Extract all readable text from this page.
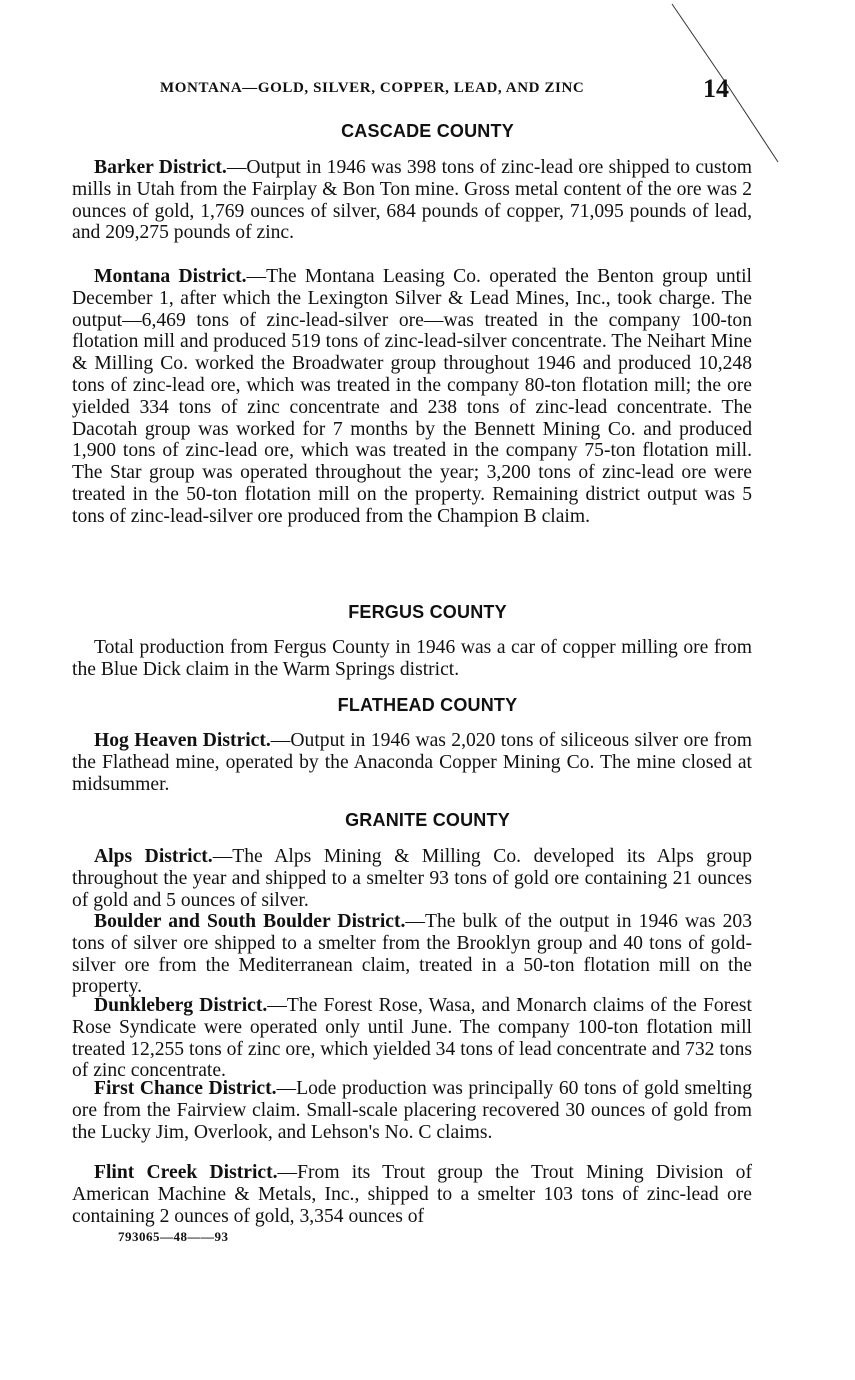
MONTANA—GOLD, SILVER, COPPER, LEAD, AND ZINC	14
CASCADE COUNTY

Barker District.—Output in 1946 was 398 tons of zinc-lead ore shipped to custom mills in Utah from the Fairplay & Bon Ton mine. Gross metal content of the ore was 2 ounces of gold, 1,769 ounces of silver, 684 pounds of copper, 71,095 pounds of lead, and 209,275 pounds of zinc.

Montana District.—The Montana Leasing Co. operated the Benton group until December 1, after which the Lexington Silver & Lead Mines, Inc., took charge. The output—6,469 tons of zinc-lead-silver ore—was treated in the company 100-ton flotation mill and produced 519 tons of zinc-lead-silver concentrate. The Neihart Mine & Milling Co. worked the Broadwater group throughout 1946 and produced 10,248 tons of zinc-lead ore, which was treated in the company 80-ton flotation mill; the ore yielded 334 tons of zinc concentrate and 238 tons of zinc-lead concentrate. The Dacotah group was worked for 7 months by the Bennett Mining Co. and produced 1,900 tons of zinc-lead ore, which was treated in the company 75-ton flotation mill. The Star group was operated throughout the year; 3,200 tons of zinc-lead ore were treated in the 50-ton flotation mill on the property. Remaining district output was 5 tons of zinc-lead-silver ore produced from the Champion B claim.

FERGUS COUNTY

Total production from Fergus County in 1946 was a car of copper milling ore from the Blue Dick claim in the Warm Springs district.

FLATHEAD COUNTY

Hog Heaven District.—Output in 1946 was 2,020 tons of siliceous silver ore from the Flathead mine, operated by the Anaconda Copper Mining Co. The mine closed at midsummer.

GRANITE COUNTY

Alps District.—The Alps Mining & Milling Co. developed its Alps group throughout the year and shipped to a smelter 93 tons of gold ore containing 21 ounces of gold and 5 ounces of silver.

Boulder and South Boulder District.—The bulk of the output in 1946 was 203 tons of silver ore shipped to a smelter from the Brooklyn group and 40 tons of gold-silver ore from the Mediterranean claim, treated in a 50-ton flotation mill on the property.

Dunkleberg District.—The Forest Rose, Wasa, and Monarch claims of the Forest Rose Syndicate were operated only until June. The company 100-ton flotation mill treated 12,255 tons of zinc ore, which yielded 34 tons of lead concentrate and 732 tons of zinc concentrate.

First Chance District.—Lode production was principally 60 tons of gold smelting ore from the Fairview claim. Small-scale placering recovered 30 ounces of gold from the Lucky Jim, Overlook, and Lehson's No. C claims.

Flint Creek District.—From its Trout group the Trout Mining Division of American Machine & Metals, Inc., shipped to a smelter 103 tons of zinc-lead ore containing 2 ounces of gold, 3,354 ounces of

793065—48——93
